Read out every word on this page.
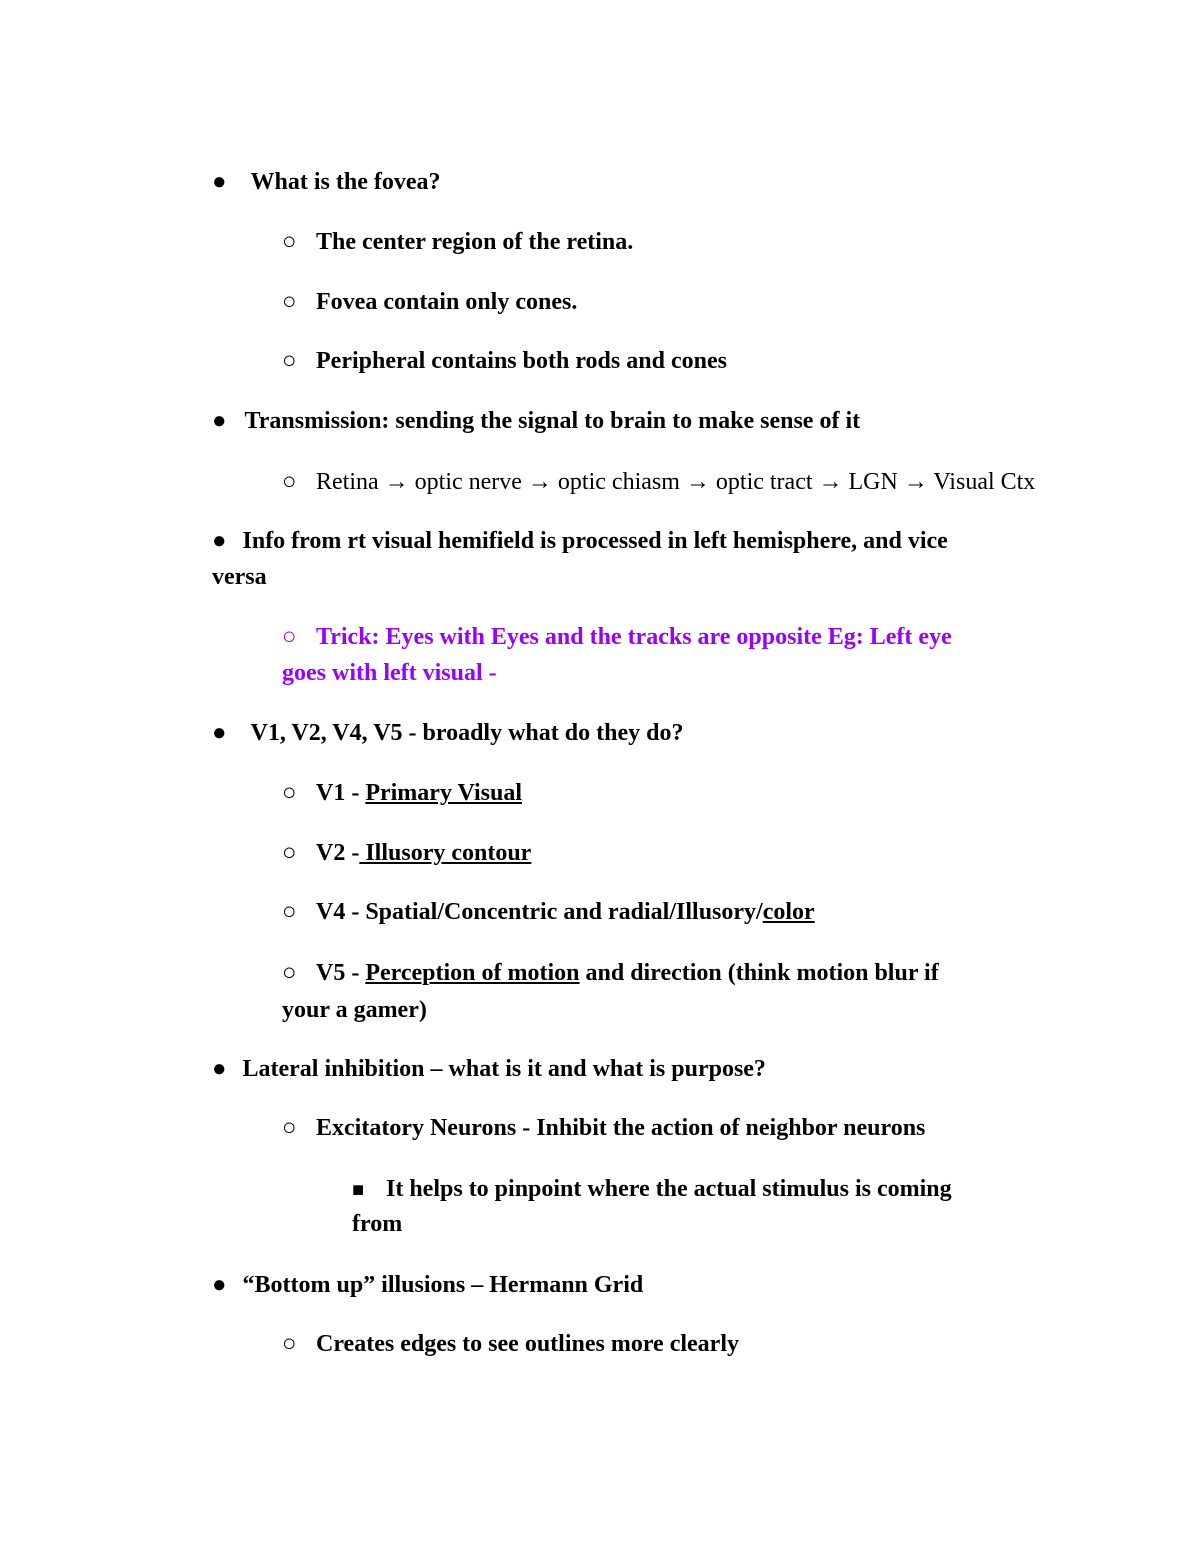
● What is the fovea?
○ The center region of the retina.
○ Fovea contain only cones.
○ Peripheral contains both rods and cones
● Transmission: sending the signal to brain to make sense of it
○ Retina → optic nerve → optic chiasm → optic tract → LGN → Visual Ctx
● Info from rt visual hemifield is processed in left hemisphere, and vice
versa
○ Trick: Eyes with Eyes and the tracks are opposite Eg: Left eye
goes with left visual -
● V1, V2, V4, V5 - broadly what do they do?
○ V1 - Primary Visual
○ V2 - Illusory contour
○ V4 - Spatial/Concentric and radial/Illusory/color
○ V5 - Perception of motion and direction (think motion blur if
your a gamer)
● Lateral inhibition – what is it and what is purpose?
○ Excitatory Neurons - Inhibit the action of neighbor neurons
■ It helps to pinpoint where the actual stimulus is coming
from
● “Bottom up” illusions – Hermann Grid
○ Creates edges to see outlines more clearly
